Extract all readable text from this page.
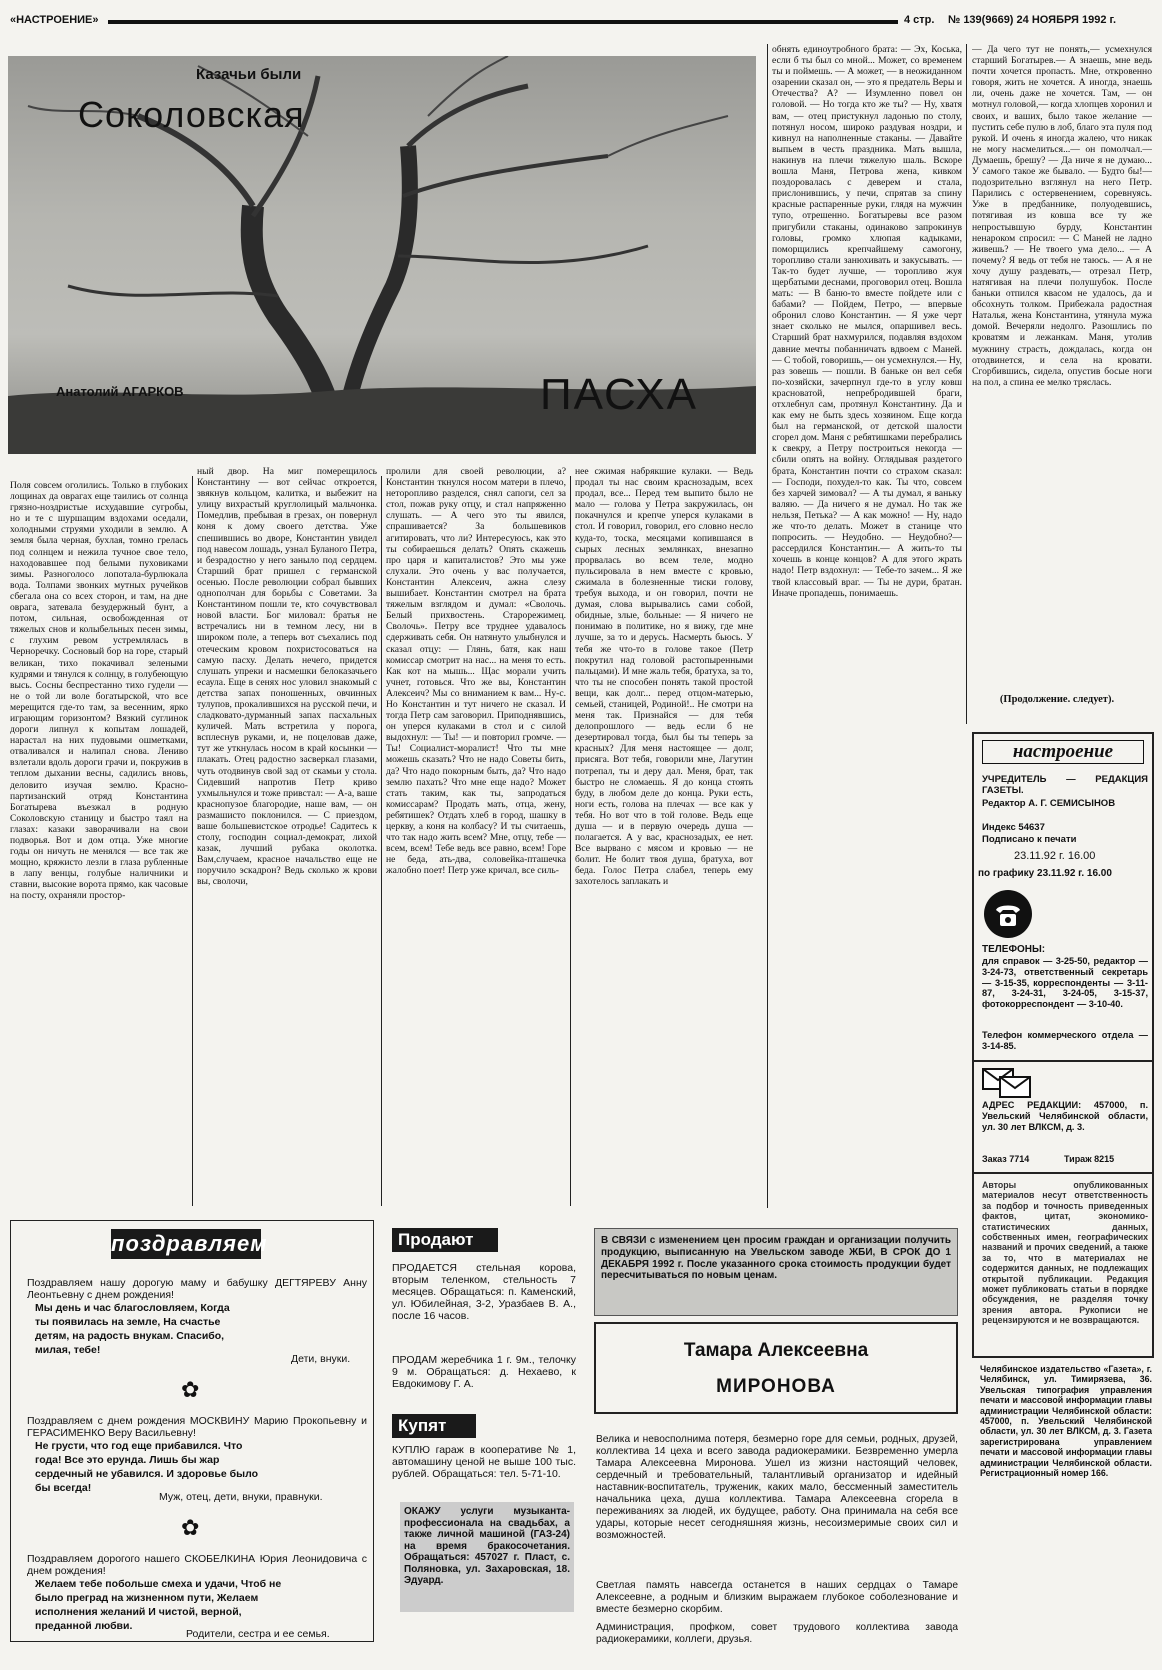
«НАСТРОЕНИЕ»	4 стр. № 139(9669) 24 НОЯБРЯ 1992 г.
Казачьи были
Соколовская
Анатолий АГАРКОВ	ПАСХА
Поля совсем оголились. Только в глубоких лощинах да оврагах еще таились от солнца грязно-ноздристые исхудавшие сугробы, но и те с шуршащим вздохами оседали, холодными струями уходили в землю. А земля была черная, бухлая, томно грелась под солнцем и нежила тучное свое тело, находовавшее под белыми пуховиками зимы. Разноголосо лопотала-бурлюкала вода. Толпами звонких мутных ручейков сбегала она со всех сторон, и там, на дне оврага, затевала безудержный бунт, а потом, сильная, освобожденная от тяжелых снов и колыбельных песен зимы, с глухим ревом устремлялась в Черноречку. Сосновый бор на горе, старый великан, тихо покачивал зелеными кудрями и тянулся к солнцу, в голубеющую высь. Сосны беспрестанно тихо гудели — не о той ли воле богатырской, что все мерещится где-то там, за весенним, ярко играющим горизонтом? Вязкий суглинок дороги липнул к копытам лошадей, нарастал на них пудовыми ошметками, отваливался и налипал снова. Лениво взлетали вдоль дороги грачи и, покружив в теплом дыхании весны, садились вновь, деловито изучая землю. Красно-партизанский отряд Константина Богатырева въезжал в родную Соколовскую станицу и быстро таял на глазах: казаки заворачивали на свои подворья. Вот и дом отца. Уже многие годы он ничуть не менялся — все так же мощно, кряжисто лезли в глаза рубленные в лапу венцы, голубые наличники и ставни, высокие ворота прямо, как часовые на посту, охраняли простор-
ный двор. На миг померещилось Константину — вот сейчас откроется, звякнув кольцом, калитка, и выбежит на улицу вихрастый круглолицый мальчонка. Помедлив, пребывая в грезах, он повернул коня к дому своего детства. Уже спешившись во дворе, Константин увидел под навесом лошадь, узнал Буланого Петра, и безрадостно у него заныло под сердцем. Старший брат пришел с германской осенью. После революции собрал бывших однополчан для борьбы с Советами. За Константином пошли те, кто сочувствовал новой власти. Бог миловал: братья не встречались ни в темном лесу, ни в широком поле, а теперь вот съехались под отеческим кровом похристосоваться на самую пасху. Делать нечего, придется слушать упреки и насмешки белоказачьего есаула. Еще в сенях нос уловил знакомый с детства запах поношенных, овчинных тулупов, прокалившихся на русской печи, и сладковато-дурманный запах пасхальных куличей. Мать встретила у порога, всплеснув руками, и, не поцеловав даже, тут же уткнулась носом в край косынки — плакать. Отец радостно засверкал глазами, чуть отодвинув свой зад от скамьи у стола. Сидевший напротив Петр криво ухмыльнулся и тоже привстал: — А-а, ваше краснопузое благородие, наше вам, — он размашисто поклонился. — С приездом, ваше большевистское отродье! Садитесь к столу, господин социал-демократ, лихой казак, лучший рубака околотка. Вам,случаем, красное начальство еще не поручило эскадрон? Ведь сколько ж крови вы, сволочи,
пролили для своей революции, а? Константин ткнулся носом матери в плечо, неторопливо разделся, снял сапоги, сел за стол, пожав руку отцу, и стал напряженно слушать. — А чего это ты явился, спрашивается? За большевиков агитировать, что ли? Интересуюсь, как это ты собираешься делать? Опять скажешь про царя и капиталистов? Это мы уже слухали. Это очень у вас получается, Константин Алексеич, ажна слезу вышибает. Константин смотрел на брата тяжелым взглядом и думал: «Сволочь. Белый прихвостень. Старорежимец. Сволочь». Петру все труднее удавалось сдерживать себя. Он натянуто улыбнулся и сказал отцу: — Глянь, батя, как наш комиссар смотрит на нас... на меня то есть. Как кот на мышь... Щас морали учить учнет, готовься. Что же вы, Константин Алексеич? Мы со вниманием к вам... Ну-с. Но Константин и тут ничего не сказал. И тогда Петр сам заговорил. Приподнявшись, он уперся кулаками в стол и с силой выдохнул: — Ты! — и повторил громче. — Ты! Социалист-моралист! Что ты мне можешь сказать? Что не надо Советы бить, да? Что надо покорным быть, да? Что надо землю пахать? Что мне еще надо? Может стать таким, как ты, запродаться комиссарам? Продать мать, отца, жену, ребятишек? Отдать хлеб в город, шашку в церкву, а коня на колбасу? И ты считаешь, что так надо жить всем? Мне, отцу, тебе — всем, всем! Тебе ведь все равно, всем! Горе не беда, ать-два, соловейка-пташечка жалобно поет! Петр уже кричал, все силь-
нее сжимая набрякшие кулаки. — Ведь продал ты нас своим краснозадым, всех продал, все... Перед тем выпито было не мало — голова у Петра закружилась, он покачнулся и крепче уперся кулаками в стол. И говорил, говорил, его словно несло куда-то, тоска, месяцами копившаяся в сырых лесных землянках, внезапно прорвалась во всем теле, модно пульсировала в нем вместе с кровью, сжимала в болезненные тиски голову, требуя выхода, и он говорил, почти не думая, слова вырывались сами собой, обидные, злые, больные: — Я ничего не понимаю в политике, но я вижу, где мне лучше, за то и дерусь. Насмерть бьюсь. У тебя же что-то в голове такое (Петр покрутил над головой растопыренными пальцами). И мне жаль тебя, братуха, за то, что ты не способен понять такой простой вещи, как долг... перед отцом-матерью, семьей, станицей, Родиной!.. Не смотри на меня так. Признайся — для тебя делопрошлого — ведь если б не дезертировал тогда, был бы ты теперь за красных? Для меня настоящее — долг, присяга. Вот тебя, говорили мне, Лагутин потрепал, ты и деру дал. Меня, брат, так быстро не сломаешь. Я до конца стоять буду, в любом деле до конца. Руки есть, ноги есть, голова на плечах — все как у тебя. Но вот что в той голове. Ведь еще душа — и в первую очередь душа — полагается. А у вас, краснозадых, ее нет. Все вырвано с мясом и кровью — не болит. Не болит твоя душа, братуха, вот беда. Голос Петра слабел, теперь ему захотелось заплакать и
обнять единоутробного брата: — Эх, Коська, если б ты был со мной... Может, со временем ты и поймешь. — А может, — в неожиданном озарении сказал он, — это я предатель Веры и Отечества? А? — Изумленно повел он головой. — Но тогда кто же ты? — Ну, хватя вам, — отец пристукнул ладонью по столу, потянул носом, широко раздувая ноздри, и кивнул на наполненные стаканы. — Давайте выпьем в честь праздника. Мать вышла, накинув на плечи тяжелую шаль. Вскоре вошла Маня, Петрова жена, кивком поздоровалась с деверем и стала, прислонившись, у печи, спрятав за спину красные распаренные руки, глядя на мужчин тупо, отрешенно. Богатыревы все разом пригубили стаканы, одинаково запрокинув головы, громко хлюпая кадыками, поморщились крепчайшему самогону, торопливо стали занюхивать и закусывать. — Так-то будет лучше, — торопливо жуя щербатыми деснами, проговорил отец. Вошла мать: — В баню-то вместе пойдете или с бабами? — Пойдем, Петро, — впервые обронил слово Константин. — Я уже черт знает сколько не мылся, опаршивел весь. Старший брат нахмурился, подавляя вздохом давние мечты побанничать вдвоем с Маней. — С тобой, говоришь,— он усмехнулся.— Ну, раз зовешь — пошли. В баньке он вел себя по-хозяйски, зачерпнул где-то в углу ковш красноватой, непребродившей браги, отхлебнул сам, протянул Константину. Да и как ему не быть здесь хозяином. Еще когда был на германской, от детской шалости сгорел дом. Маня с ребятишками перебрались к свекру, а Петру построиться некогда — сбили опять на войну. Оглядывая раздетого брата, Константин почти со страхом сказал: — Господи, похудел-то как. Ты что, совсем без харчей зимовал? — А ты думал, я ваньку валяю. — Да ничего я не думал. Но так же нельзя, Петька? — А как можно! — Ну, надо же что-то делать. Может в станице что попросить. — Неудобно. — Неудобно?— рассердился Константин.— А жить-то ты хочешь в конце концов? А для этого жрать надо! Петр вздохнул: — Тебе-то зачем... Я же твой классовый враг. — Ты не дури, братан. Иначе пропадешь, понимаешь.
— Да чего тут не понять,— усмехнулся старший Богатырев.— А знаешь, мне ведь почти хочется пропасть. Мне, откровенно говоря, жить не хочется. А иногда, знаешь ли, очень даже не хочется. Там, — он мотнул головой,— когда хлопцев хоронил и своих, и ваших, было такое желание — пустить себе пулю в лоб, благо эта пуля под рукой. И очень я иногда жалею, что никак не могу насмелиться...— он помолчал.— Думаешь, брешу? — Да ниче я не думаю... У самого такое же бывало. — Будто бы!— подозрительно взглянул на него Петр. Парились с остервенением, соревнуясь. Уже в предбаннике, полуодевшись, потягивая из ковша все ту же непростывшую бурду, Константин ненароком спросил: — С Маней не ладно живешь? — Не твоего ума дело... — А почему? Я ведь от тебя не таюсь. — А я не хочу душу раздевать,— отрезал Петр, натягивая на плечи полушубок. После баньки отпился квасом не удалось, да и обсохнуть толком. Прибежала радостная Наталья, жена Константина, утянула мужа домой. Вечеряли недолго. Разошлись по кроватям и лежанкам. Маня, утолив мужнину страсть, дождалась, когда он отодвинется, и села на кровати. Сгорбившись, сидела, опустив босые ноги на пол, а спина ее мелко тряслась.
(Продолжение. следует).
настроение
УЧРЕДИТЕЛЬ — РЕДАКЦИЯ ГАЗЕТЫ.
Редактор А. Г. СЕМИСЫНОВ
Индекс 54637
Подписано к печати
23.11.92 г. 16.00
по графику 23.11.92 г. 16.00
ТЕЛЕФОНЫ:
для справок — 3-25-50, редактор — 3-24-73, ответственный секретарь — 3-15-35, корреспонденты — 3-11-87, 3-24-31, 3-24-05, 3-15-37, фотокорреспондент — 3-10-40.
Телефон коммерческого отдела — 3-14-85.
АДРЕС РЕДАКЦИИ: 457000, п. Увельский Челябинской области, ул. 30 лет ВЛКСМ, д. 3.
Заказ 7714	Тираж 8215
Авторы опубликованных материалов несут ответственность за подбор и точность приведенных фактов, цитат, экономико-статистических данных, собственных имен, географических названий и прочих сведений, а также за то, что в материалах не содержится данных, не подлежащих открытой публикации. Редакция может публиковать статьи в порядке обсуждения, не разделяя точку зрения автора. Рукописи не рецензируются и не возвращаются.
Челябинское издательство «Газета», г. Челябинск, ул. Тимирязева, 36. Увельская типография управления печати и массовой информации главы администрации Челябинской области: 457000, п. Увельский Челябинской области, ул. 30 лет ВЛКСМ, д. 3. Газета зарегистрирована управлением печати и массовой информации главы администрации Челябинской области. Регистрационный номер 166.
поздравляем
Поздравляем нашу дорогую маму и бабушку ДЕГТЯРЕВУ Анну Леонтьевну с днем рождения!
Мы день и час благословляем, Когда ты появилась на земле, На счастье детям, на радость внукам. Спасибо, милая, тебе!
Дети, внуки.
✿
Поздравляем с днем рождения МОСКВИНУ Марию Прокопьевну и ГЕРАСИМЕНКО Веру Васильевну!
Не грусти, что год еще прибавился. Что года! Все это ерунда. Лишь бы жар сердечный не убавился. И здоровье было бы всегда!
Муж, отец, дети, внуки, правнуки.
✿
Поздравляем дорогого нашего СКОБЕЛКИНА Юрия Леонидовича с днем рождения!
Желаем тебе побольше смеха и удачи, Чтоб не было преград на жизненном пути, Желаем исполнения желаний И чистой, верной, преданной любви.
Родители, сестра и ее семья.
Продают
ПРОДАЕТСЯ стельная корова, вторым теленком, стельность 7 месяцев. Обращаться: п. Каменский, ул. Юбилейная, 3-2, Уразбаев В. А., после 16 часов.
ПРОДАМ жеребчика 1 г. 9м., телочку 9 м. Обращаться: д. Нехаево, к Евдокимову Г. А.
Купят
КУПЛЮ гараж в кооперативе № 1, автомашину ценой не выше 100 тыс. рублей. Обращаться: тел. 5-71-10.
ОКАЖУ услуги музыканта-профессионала на свадьбах, а также личной машиной (ГАЗ-24) на время бракосочетания. Обращаться: 457027 г. Пласт, с. Поляновка, ул. Захаровская, 18. Эдуард.
В СВЯЗИ с изменением цен просим граждан и организации получить продукцию, выписанную на Увельском заводе ЖБИ, В СРОК ДО 1 ДЕКАБРЯ 1992 г. После указанного срока стоимость продукции будет пересчитываться по новым ценам.
Тамара Алексеевна
МИРОНОВА
Велика и невосполнима потеря, безмерно горе для семьи, родных, друзей, коллектива 14 цеха и всего завода радиокерамики. Безвременно умерла Тамара Алексеевна Миронова. Ушел из жизни настоящий человек, сердечный и требовательный, талантливый организатор и идейный наставник-воспитатель, труженик, каких мало, бессменный заместитель начальника цеха, душа коллектива. Тамара Алексеевна сгорела в переживаниях за людей, их будущее, работу. Она принимала на себя все удары, которые несет сегодняшняя жизнь, несоизмеримые своих сил и возможностей.
Светлая память навсегда останется в наших сердцах о Тамаре Алексеевне, а родным и близким выражаем глубокое соболезнование и вместе безмерно скорбим.
Администрация, профком, совет трудового коллектива завода радиокерамики, коллеги, друзья.
